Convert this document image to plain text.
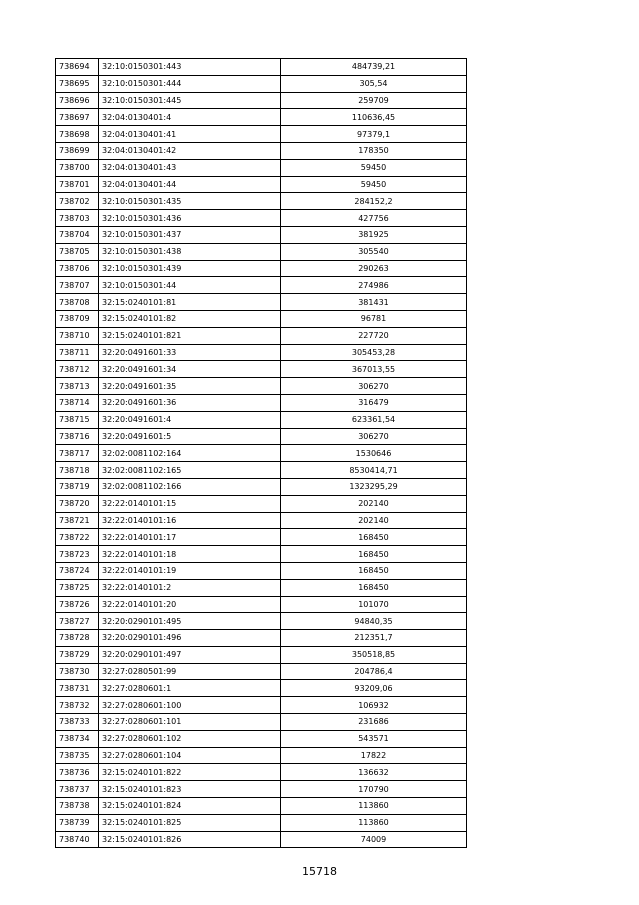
738694	32:10:0150301:443	484739,21
738695	32:10:0150301:444	305,54
738696	32:10:0150301:445	259709
738697	32:04:0130401:4	110636,45
738698	32:04:0130401:41	97379,1
738699	32:04:0130401:42	178350
738700	32:04:0130401:43	59450
738701	32:04:0130401:44	59450
738702	32:10:0150301:435	284152,2
738703	32:10:0150301:436	427756
738704	32:10:0150301:437	381925
738705	32:10:0150301:438	305540
738706	32:10:0150301:439	290263
738707	32:10:0150301:44	274986
738708	32:15:0240101:81	381431
738709	32:15:0240101:82	96781
738710	32:15:0240101:821	227720
738711	32:20:0491601:33	305453,28
738712	32:20:0491601:34	367013,55
738713	32:20:0491601:35	306270
738714	32:20:0491601:36	316479
738715	32:20:0491601:4	623361,54
738716	32:20:0491601:5	306270
738717	32:02:0081102:164	1530646
738718	32:02:0081102:165	8530414,71
738719	32:02:0081102:166	1323295,29
738720	32:22:0140101:15	202140
738721	32:22:0140101:16	202140
738722	32:22:0140101:17	168450
738723	32:22:0140101:18	168450
738724	32:22:0140101:19	168450
738725	32:22:0140101:2	168450
738726	32:22:0140101:20	101070
738727	32:20:0290101:495	94840,35
738728	32:20:0290101:496	212351,7
738729	32:20:0290101:497	350518,85
738730	32:27:0280501:99	204786,4
738731	32:27:0280601:1	93209,06
738732	32:27:0280601:100	106932
738733	32:27:0280601:101	231686
738734	32:27:0280601:102	543571
738735	32:27:0280601:104	17822
738736	32:15:0240101:822	136632
738737	32:15:0240101:823	170790
738738	32:15:0240101:824	113860
738739	32:15:0240101:825	113860
738740	32:15:0240101:826	74009
15718
